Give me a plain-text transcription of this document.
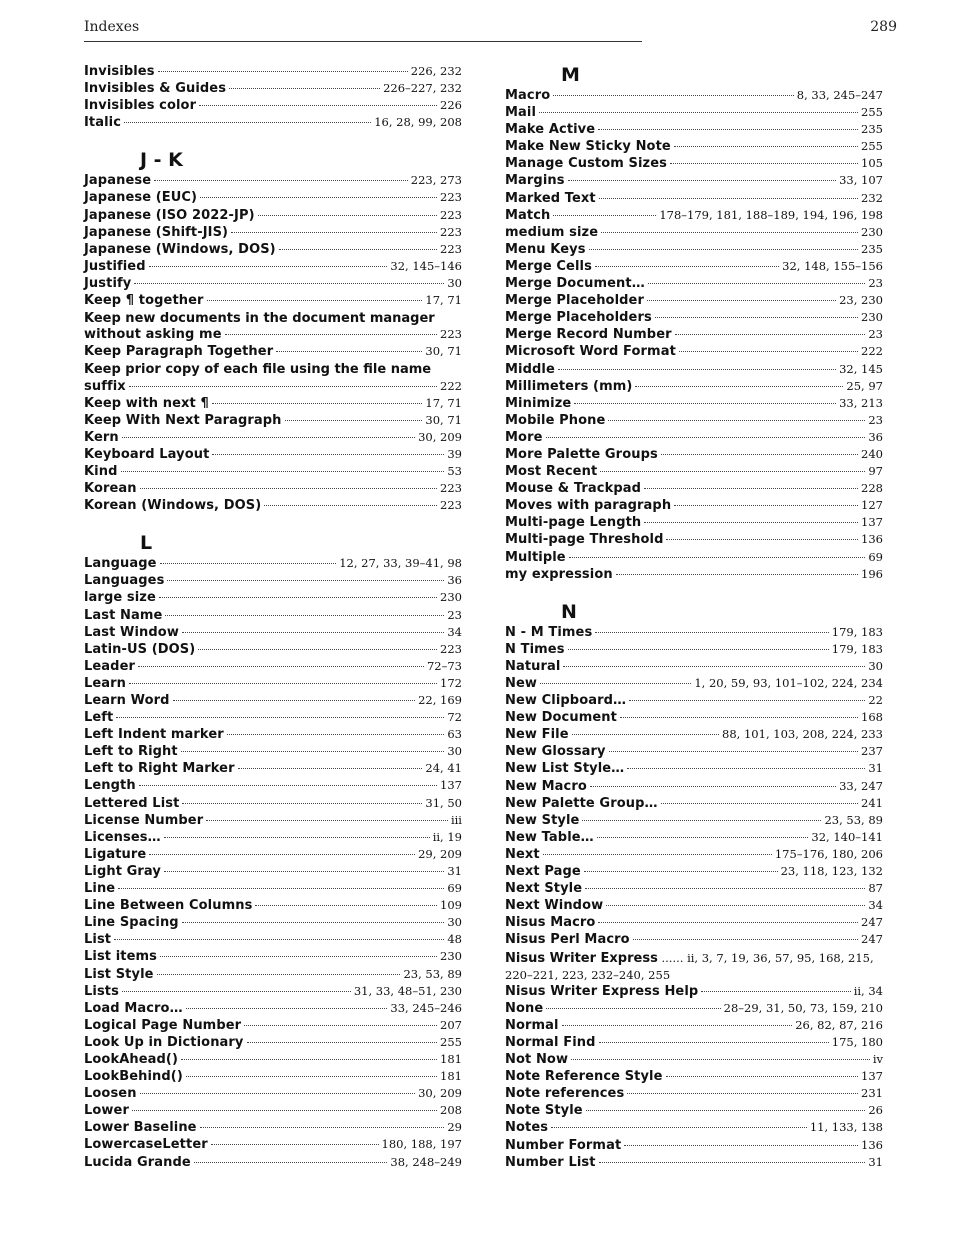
Indexes	289
Invisibles	226, 232
Invisibles & Guides	226–227, 232
Invisibles color	226
Italic	16, 28, 99, 208
J - K
Japanese	223, 273
Japanese (EUC)	223
Japanese (ISO 2022-JP)	223
Japanese (Shift-JIS)	223
Japanese (Windows, DOS)	223
Justified	32, 145–146
Justify	30
Keep ¶ together	17, 71
Keep new documents in the document manager
without asking me	223
Keep Paragraph Together	30, 71
Keep prior copy of each file using the file name
suffix	222
Keep with next ¶	17, 71
Keep With Next Paragraph	30, 71
Kern	30, 209
Keyboard Layout	39
Kind	53
Korean	223
Korean (Windows, DOS)	223
L
Language	12, 27, 33, 39–41, 98
Languages	36
large size	230
Last Name	23
Last Window	34
Latin-US (DOS)	223
Leader	72–73
Learn	172
Learn Word	22, 169
Left	72
Left Indent marker	63
Left to Right	30
Left to Right Marker	24, 41
Length	137
Lettered List	31, 50
License Number	iii
Licenses…	ii, 19
Ligature	29, 209
Light Gray	31
Line	69
Line Between Columns	109
Line Spacing	30
List	48
List items	230
List Style	23, 53, 89
Lists	31, 33, 48–51, 230
Load Macro…	33, 245–246
Logical Page Number	207
Look Up in Dictionary	255
LookAhead()	181
LookBehind()	181
Loosen	30, 209
Lower	208
Lower Baseline	29
LowercaseLetter	180, 188, 197
Lucida Grande	38, 248–249
M
Macro	8, 33, 245–247
Mail	255
Make Active	235
Make New Sticky Note	255
Manage Custom Sizes	105
Margins	33, 107
Marked Text	232
Match	178–179, 181, 188–189, 194, 196, 198
medium size	230
Menu Keys	235
Merge Cells	32, 148, 155–156
Merge Document…	23
Merge Placeholder	23, 230
Merge Placeholders	230
Merge Record Number	23
Microsoft Word Format	222
Middle	32, 145
Millimeters (mm)	25, 97
Minimize	33, 213
Mobile Phone	23
More	36
More Palette Groups	240
Most Recent	97
Mouse & Trackpad	228
Moves with paragraph	127
Multi-page Length	137
Multi-page Threshold	136
Multiple	69
my expression	196
N
N - M Times	179, 183
N Times	179, 183
Natural	30
New	1, 20, 59, 93, 101–102, 224, 234
New Clipboard…	22
New Document	168
New File	88, 101, 103, 208, 224, 233
New Glossary	237
New List Style…	31
New Macro	33, 247
New Palette Group…	241
New Style	23, 53, 89
New Table…	32, 140–141
Next	175–176, 180, 206
Next Page	23, 118, 123, 132
Next Style	87
Next Window	34
Nisus Macro	247
Nisus Perl Macro	247
Nisus Writer Express ...... ii, 3, 7, 19, 36, 57, 95, 168, 215,
220–221, 223, 232–240, 255
Nisus Writer Express Help	ii, 34
None	28–29, 31, 50, 73, 159, 210
Normal	26, 82, 87, 216
Normal Find	175, 180
Not Now	iv
Note Reference Style	137
Note references	231
Note Style	26
Notes	11, 133, 138
Number Format	136
Number List	31
